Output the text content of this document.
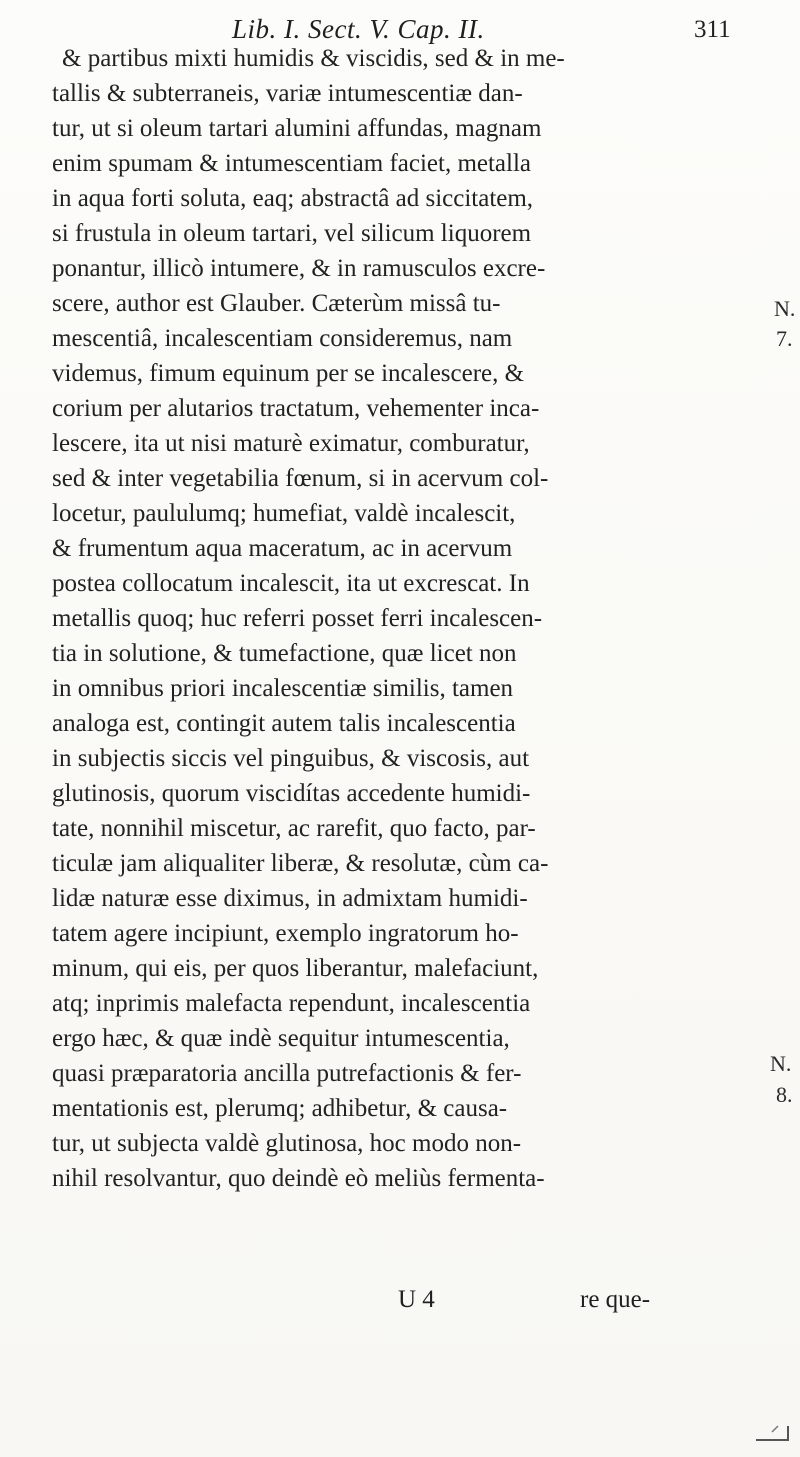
Lib. I. Sect. V. Cap. II.	311
& partibus mixti humidis & viscidis, sed & in me-
tallis & subterraneis, variæ intumescentiæ dan-
tur, ut si oleum tartari alumini affundas, magnam
enim spumam & intumescentiam faciet, metalla
in aqua forti soluta, eaq; abstractâ ad siccitatem,
si frustula in oleum tartari, vel silicum liquorem
ponantur, illicò intumere, & in ramusculos excre-
scere, author est Glauber. Cæterùm missâ tu-
mescentiâ, incalescentiam consideremus, nam
videmus, fimum equinum per se incalescere, &
corium per alutarios tractatum, vehementer inca-
lescere, ita ut nisi maturè eximatur, comburatur,
sed & inter vegetabilia fœnum, si in acervum col-
locetur, paululumq; humefiat, valdè incalescit,
& frumentum aqua maceratum, ac in acervum
postea collocatum incalescit, ita ut excrescat. In
metallis quoq; huc referri posset ferri incalescen-
tia in solutione, & tumefactione, quæ licet non
in omnibus priori incalescentiæ similis, tamen
analoga est, contingit autem talis incalescentia
in subjectis siccis vel pinguibus, & viscosis, aut
glutinosis, quorum viscidítas accedente humidi-
tate, nonnihil miscetur, ac rarefit, quo facto, par-
ticulæ jam aliqualiter liberæ, & resolutæ, cùm ca-
lidæ naturæ esse diximus, in admixtam humidi-
tatem agere incipiunt, exemplo ingratorum ho-
minum, qui eis, per quos liberantur, malefaciunt,
atq; inprimis malefacta rependunt, incalescentia
ergo hæc, & quæ indè sequitur intumescentia,
quasi præparatoria ancilla putrefactionis & fer-
mentationis est, plerumq; adhibetur, & causa-
tur, ut subjecta valdè glutinosa, hoc modo non-
nihil resolvantur, quo deindè eò meliùs fermenta-
N.
7.
N.
8.
U 4	re que-
